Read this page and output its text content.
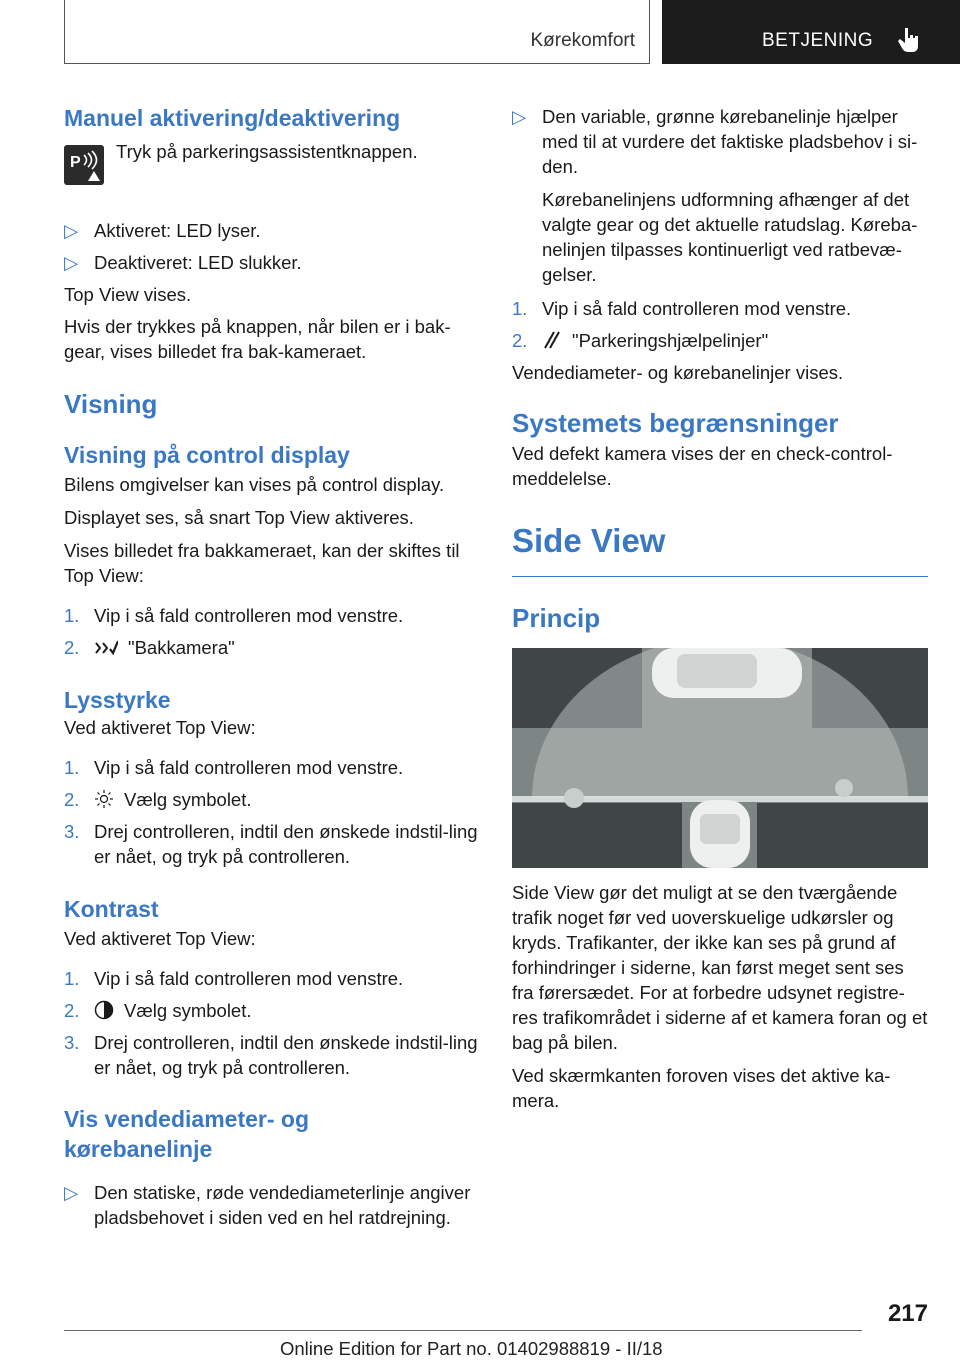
Kørekomfort	BETJENING
Manuel aktivering/deaktivering
P

Tryk på parkeringsassistentknappen.

▷ Aktiveret: LED lyser.
▷ Deaktiveret: LED slukker.

Top View vises.

Hvis der trykkes på knappen, når bilen er i bak-gear, vises billedet fra bak-kameraet.

Visning
Visning på control display

Bilens omgivelser kan vises på control display.

Displayet ses, så snart Top View aktiveres.

Vises billedet fra bakkameraet, kan der skiftes til Top View:

1. Vip i så fald controlleren mod venstre.
2.	"Bakkamera"
Lysstyrke

Ved aktiveret Top View:

1. Vip i så fald controlleren mod venstre.
2.	Vælg symbolet.
3. Drej controlleren, indtil den ønskede indstil-ling er nået, og tryk på controlleren.
Kontrast

Ved aktiveret Top View:

1. Vip i så fald controlleren mod venstre.
2.	Vælg symbolet.
3. Drej controlleren, indtil den ønskede indstil-ling er nået, og tryk på controlleren.
Vis vendediameter- og kørebanelinje
▷ Den statiske, røde vendediameterlinje angiver pladsbehovet i siden ved en hel ratdrejning.
▷ Den variable, grønne kørebanelinje hjælper med til at vurdere det faktiske pladsbehov i si-den.

Kørebanelinjens udformning afhænger af det valgte gear og det aktuelle ratudslag. Køreba-nelinjen tilpasses kontinuerligt ved ratbevæ-gelser.

1. Vip i så fald controlleren mod venstre.
2.	"Parkeringshjælpelinjer"

Vendediameter- og kørebanelinjer vises.

Systemets begrænsninger

Ved defekt kamera vises der en check-control-meddelelse.

Side View
Princip

Side View gør det muligt at se den tværgående trafik noget før ved uoverskuelige udkørsler og kryds. Trafikanter, der ikke kan ses på grund af forhindringer i siderne, kan først meget sent ses fra førersædet. For at forbedre udsynet registre-res trafikområdet i siderne af et kamera foran og et bag på bilen.

Ved skærmkanten foroven vises det aktive ka-mera.

217
Online Edition for Part no. 01402988819 - II/18
